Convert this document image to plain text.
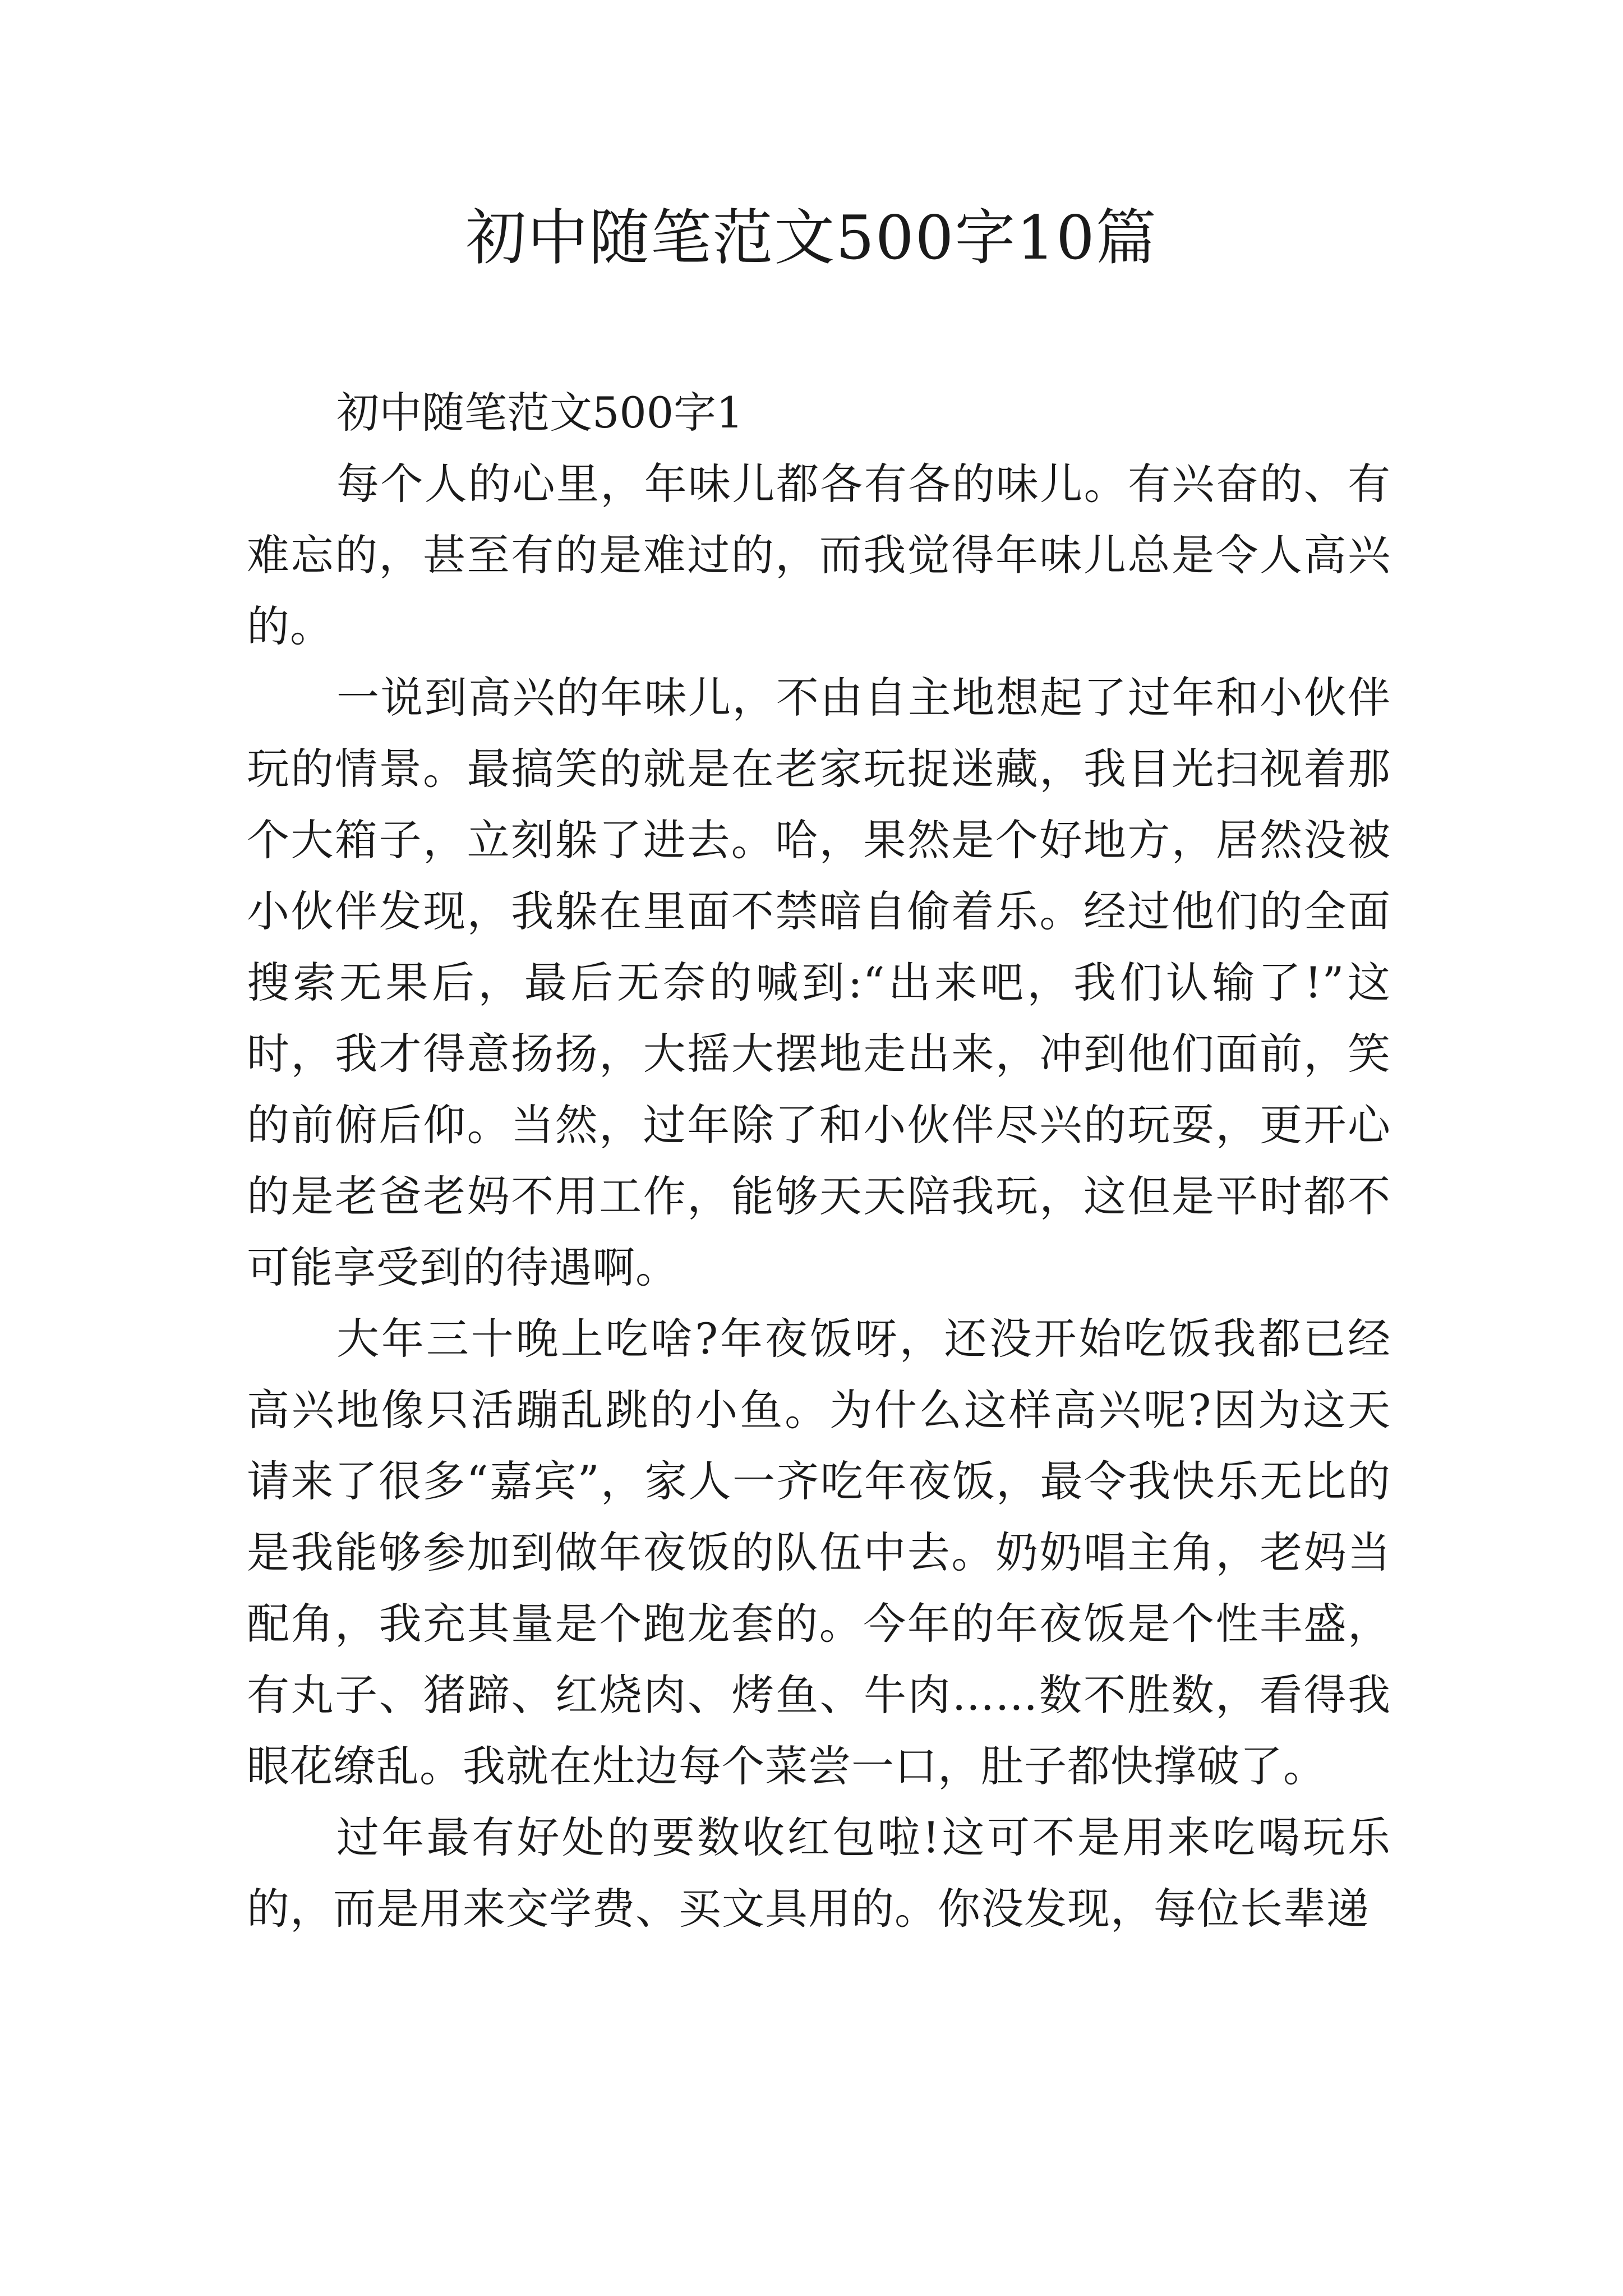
初中随笔范文500字10篇

初中随笔范文500字1

每个人的心里，年味儿都各有各的味儿。有兴奋的、有难忘的，甚至有的是难过的，而我觉得年味儿总是令人高兴的。

一说到高兴的年味儿，不由自主地想起了过年和小伙伴玩的情景。最搞笑的就是在老家玩捉迷藏，我目光扫视着那个大箱子，立刻躲了进去。哈，果然是个好地方，居然没被小伙伴发现，我躲在里面不禁暗自偷着乐。经过他们的全面搜索无果后，最后无奈的喊到:“出来吧，我们认输了!”这时，我才得意扬扬，大摇大摆地走出来，冲到他们面前，笑的前俯后仰。当然，过年除了和小伙伴尽兴的玩耍，更开心的是老爸老妈不用工作，能够天天陪我玩，这但是平时都不可能享受到的待遇啊。

大年三十晚上吃啥?年夜饭呀，还没开始吃饭我都已经高兴地像只活蹦乱跳的小鱼。为什么这样高兴呢?因为这天请来了很多“嘉宾”，家人一齐吃年夜饭，最令我快乐无比的是我能够参加到做年夜饭的队伍中去。奶奶唱主角，老妈当配角，我充其量是个跑龙套的。今年的年夜饭是个性丰盛，有丸子、猪蹄、红烧肉、烤鱼、牛肉……数不胜数，看得我眼花缭乱。我就在灶边每个菜尝一口，肚子都快撑破了。

过年最有好处的要数收红包啦!这可不是用来吃喝玩乐的，而是用来交学费、买文具用的。你没发现，每位长辈递
